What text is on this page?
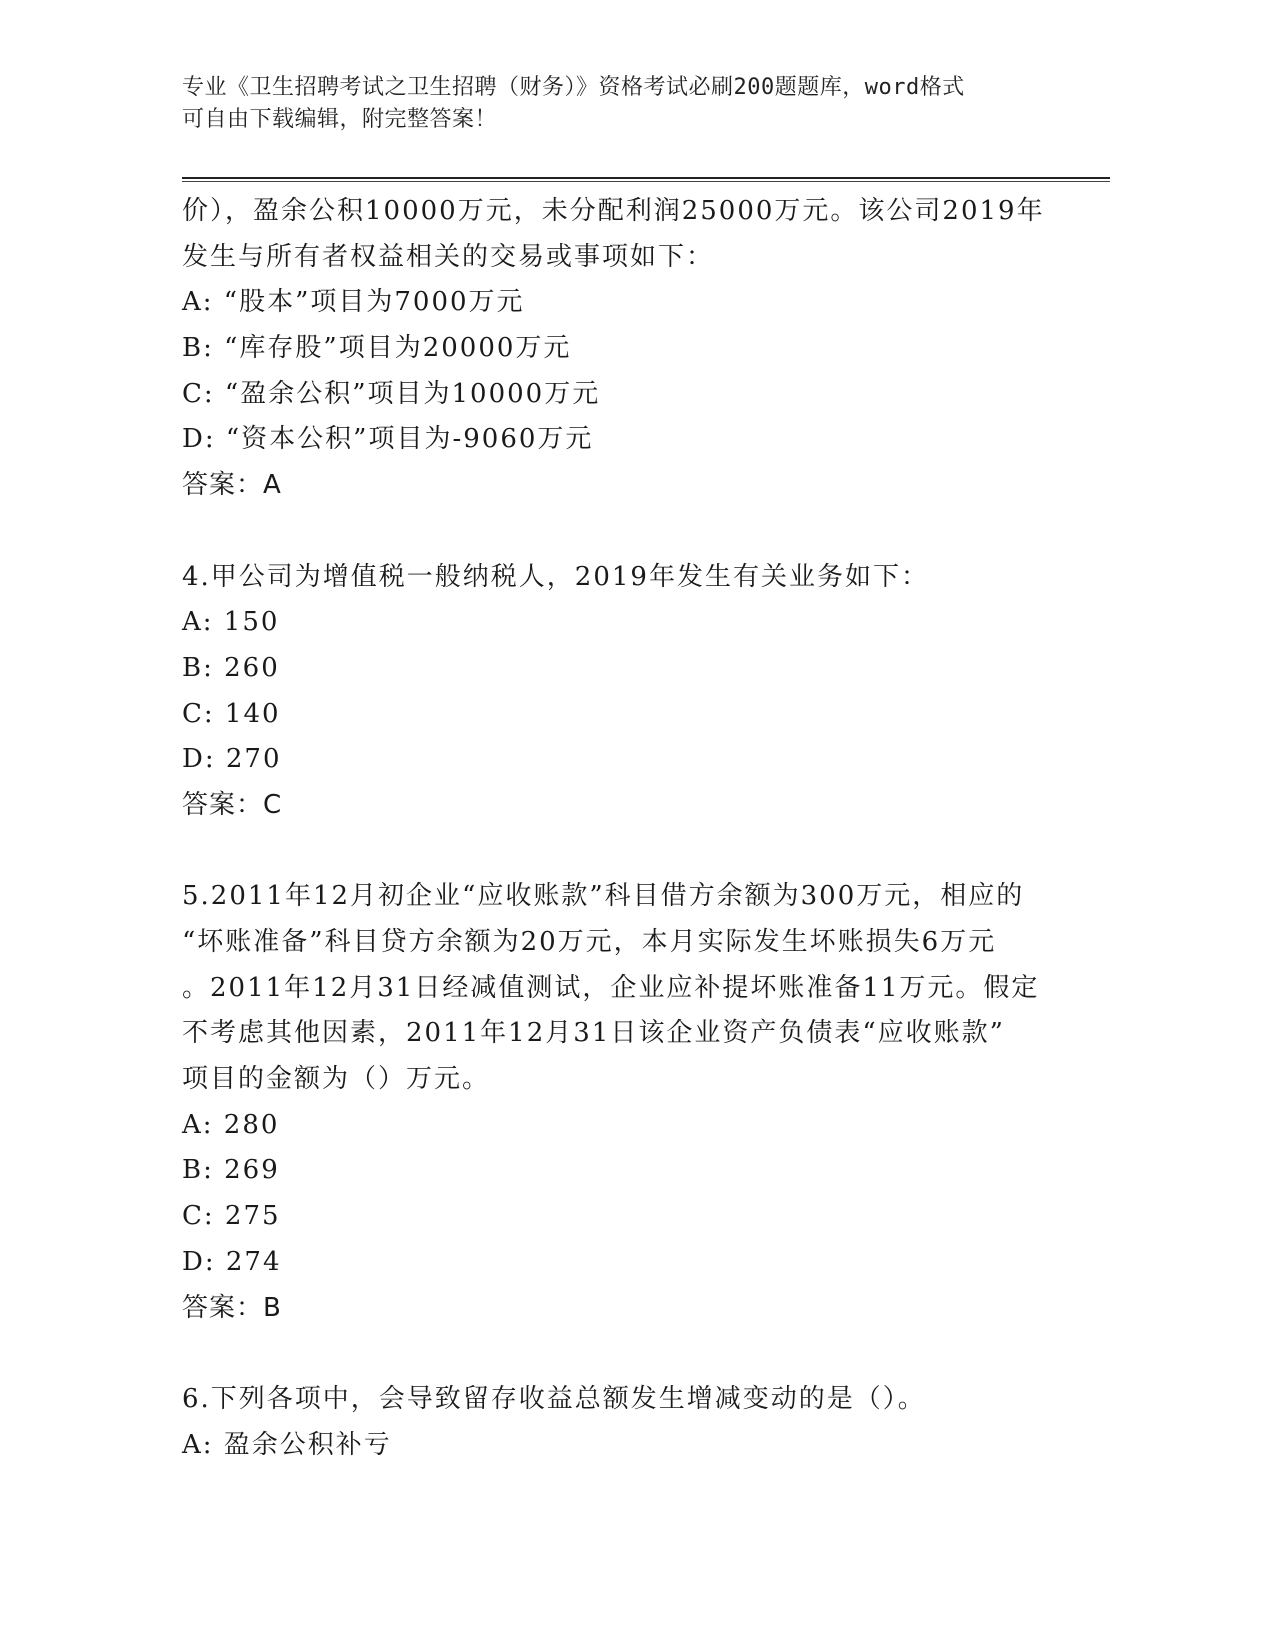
专业《卫生招聘考试之卫生招聘（财务）》资格考试必刷200题题库，word格式
可自由下载编辑，附完整答案！
价），盈余公积10000万元，未分配利润25000万元。该公司2019年
发生与所有者权益相关的交易或事项如下：
A: “股本”项目为7000万元
B: “库存股”项目为20000万元
C: “盈余公积”项目为10000万元
D: “资本公积”项目为-9060万元
答案：A
4.甲公司为增值税一般纳税人，2019年发生有关业务如下：
A: 150
B: 260
C: 140
D: 270
答案：C
5.2011年12月初企业“应收账款”科目借方余额为300万元，相应的
“坏账准备”科目贷方余额为20万元，本月实际发生坏账损失6万元
。2011年12月31日经减值测试，企业应补提坏账准备11万元。假定
不考虑其他因素，2011年12月31日该企业资产负债表“应收账款”
项目的金额为（）万元。
A: 280
B: 269
C: 275
D: 274
答案：B
6.下列各项中，会导致留存收益总额发生增减变动的是（）。
A: 盈余公积补亏
